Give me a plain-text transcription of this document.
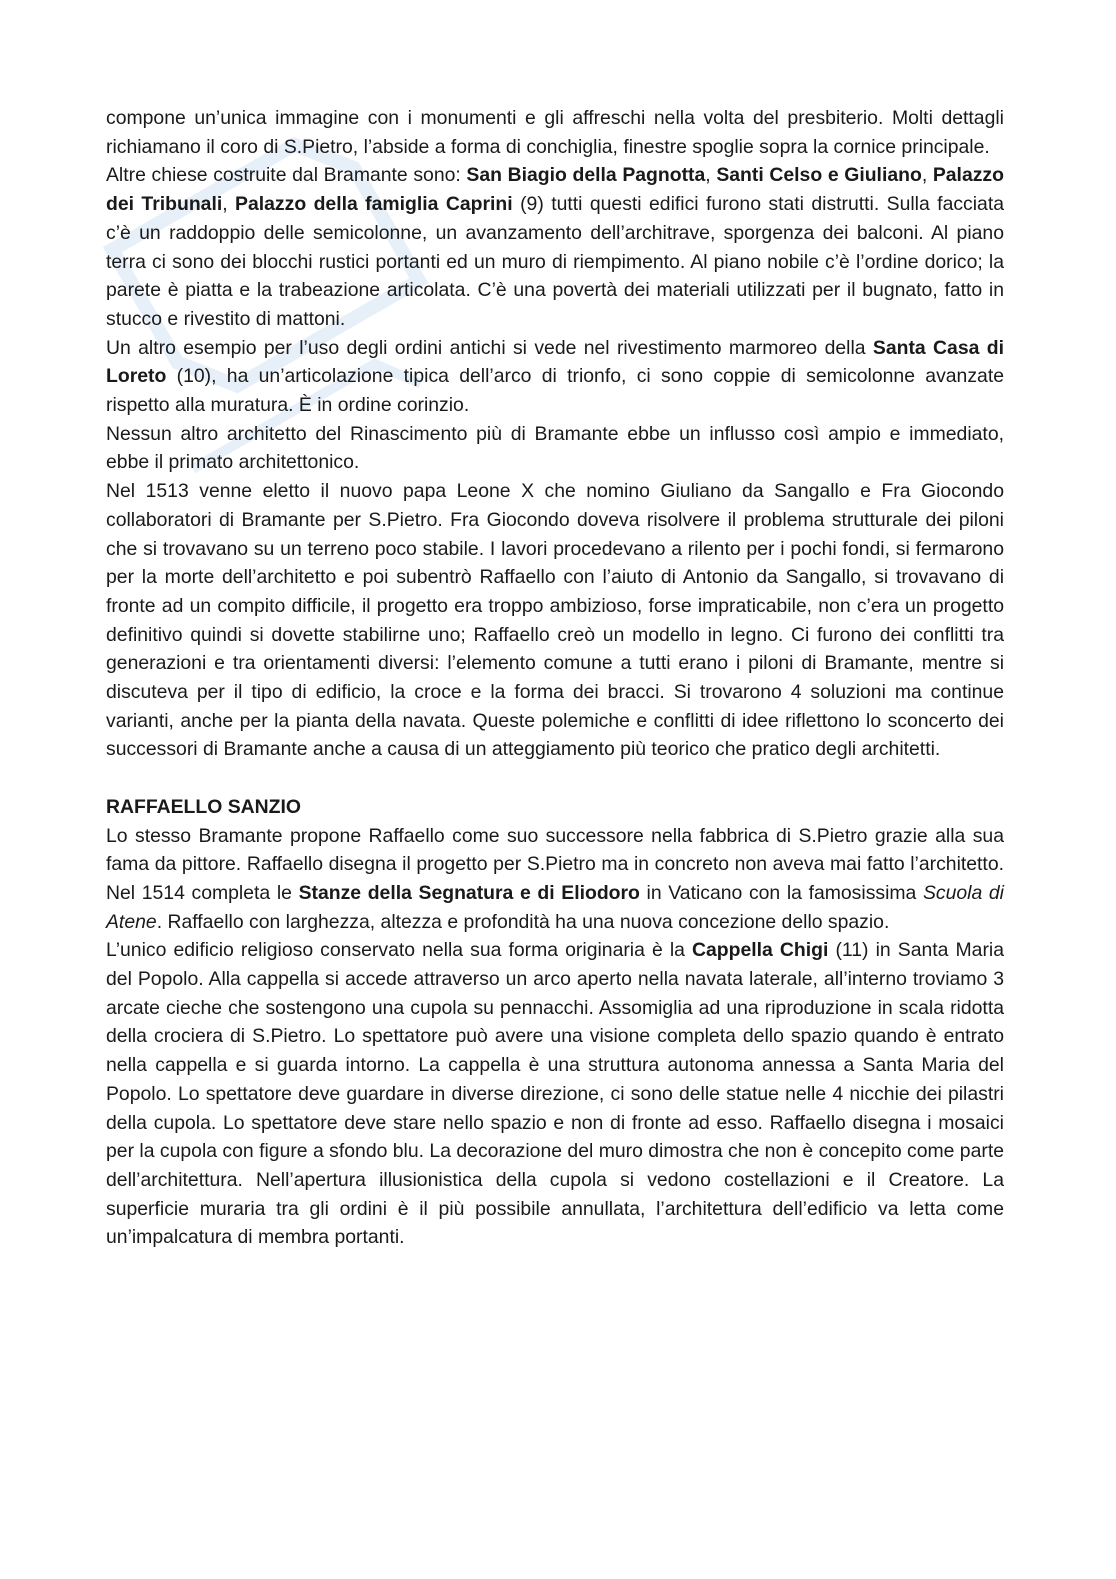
compone un’unica immagine con i monumenti e gli affreschi nella volta del presbiterio. Molti dettagli richiamano il coro di S.Pietro, l’abside a forma di conchiglia, finestre spoglie sopra la cornice principale.

Altre chiese costruite dal Bramante sono: San Biagio della Pagnotta, Santi Celso e Giuliano, Palazzo dei Tribunali, Palazzo della famiglia Caprini (9) tutti questi edifici furono stati distrutti. Sulla facciata c’è un raddoppio delle semicolonne, un avanzamento dell’architrave, sporgenza dei balconi. Al piano terra ci sono dei blocchi rustici portanti ed un muro di riempimento. Al piano nobile c’è l’ordine dorico; la parete è piatta e la trabeazione articolata. C’è una povertà dei materiali utilizzati per il bugnato, fatto in stucco e rivestito di mattoni.

Un altro esempio per l’uso degli ordini antichi si vede nel rivestimento marmoreo della Santa Casa di Loreto (10), ha un’articolazione tipica dell’arco di trionfo, ci sono coppie di semicolonne avanzate rispetto alla muratura. È in ordine corinzio.

Nessun altro architetto del Rinascimento più di Bramante ebbe un influsso così ampio e immediato, ebbe il primato architettonico.

Nel 1513 venne eletto il nuovo papa Leone X che nomino Giuliano da Sangallo e Fra Giocondo collaboratori di Bramante per S.Pietro. Fra Giocondo doveva risolvere il problema strutturale dei piloni che si trovavano su un terreno poco stabile. I lavori procedevano a rilento per i pochi fondi, si fermarono per la morte dell’architetto e poi subentrò Raffaello con l’aiuto di Antonio da Sangallo, si trovavano di fronte ad un compito difficile, il progetto era troppo ambizioso, forse impraticabile, non c’era un progetto definitivo quindi si dovette stabilirne uno; Raffaello creò un modello in legno. Ci furono dei conflitti tra generazioni e tra orientamenti diversi: l’elemento comune a tutti erano i piloni di Bramante, mentre si discuteva per il tipo di edificio, la croce e la forma dei bracci. Si trovarono 4 soluzioni ma continue varianti, anche per la pianta della navata. Queste polemiche e conflitti di idee riflettono lo sconcerto dei successori di Bramante anche a causa di un atteggiamento più teorico che pratico degli architetti.

RAFFAELLO SANZIO

Lo stesso Bramante propone Raffaello come suo successore nella fabbrica di S.Pietro grazie alla sua fama da pittore. Raffaello disegna il progetto per S.Pietro ma in concreto non aveva mai fatto l’architetto. Nel 1514 completa le Stanze della Segnatura e di Eliodoro in Vaticano con la famosissima Scuola di Atene. Raffaello con larghezza, altezza e profondità ha una nuova concezione dello spazio.

L’unico edificio religioso conservato nella sua forma originaria è la Cappella Chigi (11) in Santa Maria del Popolo. Alla cappella si accede attraverso un arco aperto nella navata laterale, all’interno troviamo 3 arcate cieche che sostengono una cupola su pennacchi. Assomiglia ad una riproduzione in scala ridotta della crociera di S.Pietro. Lo spettatore può avere una visione completa dello spazio quando è entrato nella cappella e si guarda intorno. La cappella è una struttura autonoma annessa a Santa Maria del Popolo. Lo spettatore deve guardare in diverse direzione, ci sono delle statue nelle 4 nicchie dei pilastri della cupola. Lo spettatore deve stare nello spazio e non di fronte ad esso. Raffaello disegna i mosaici per la cupola con figure a sfondo blu. La decorazione del muro dimostra che non è concepito come parte dell’architettura. Nell’apertura illusionistica della cupola si vedono costellazioni e il Creatore. La superficie muraria tra gli ordini è il più possibile annullata, l’architettura dell’edificio va letta come un’impalcatura di membra portanti.
